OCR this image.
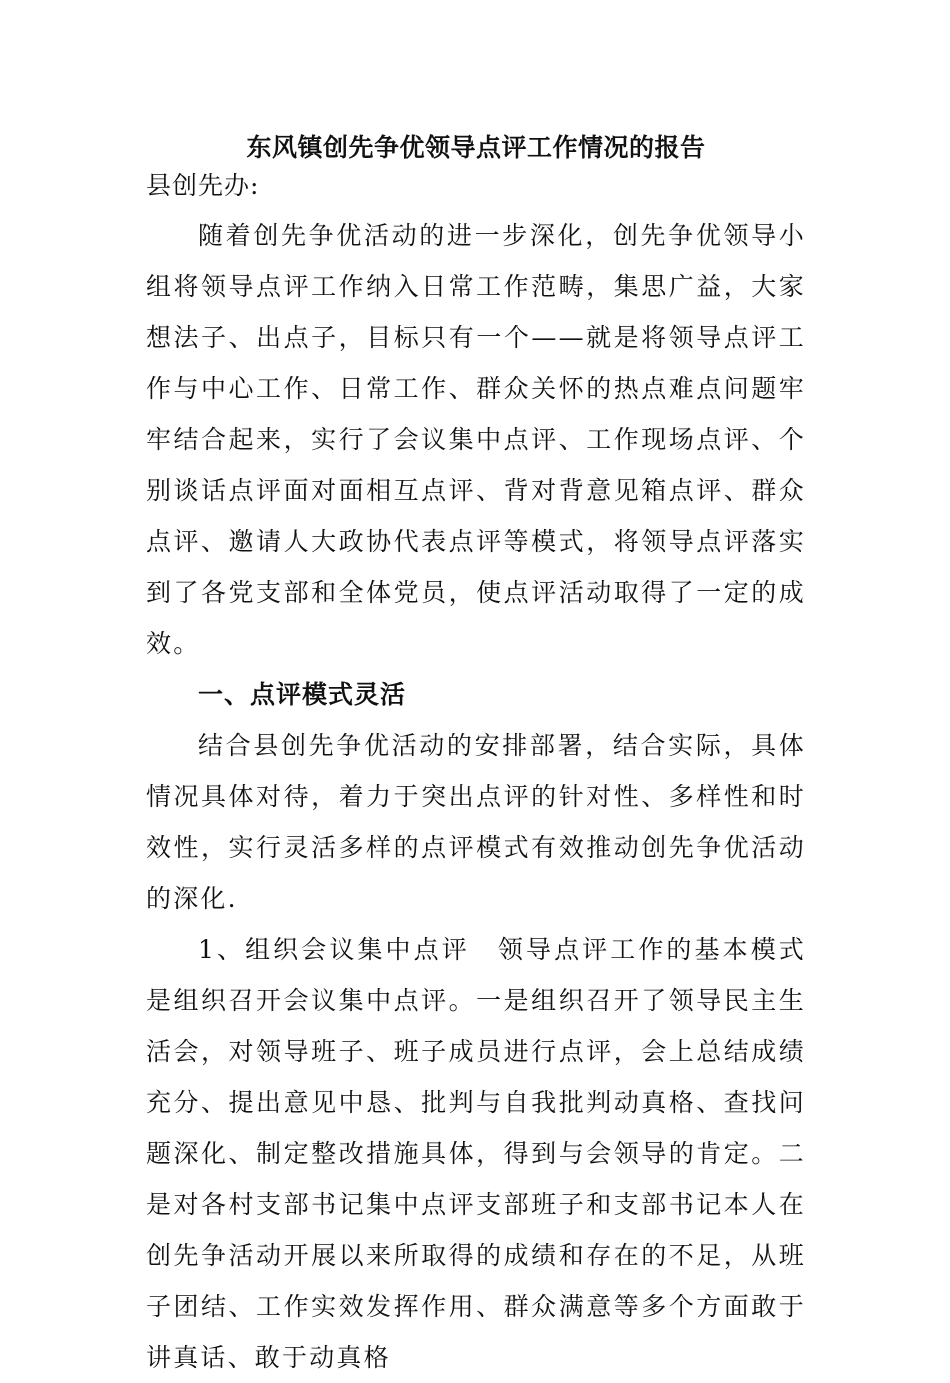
东风镇创先争优领导点评工作情况的报告

县创先办:

随着创先争优活动的进一步深化，创先争优领导小组将领导点评工作纳入日常工作范畴，集思广益，大家想法子、出点子，目标只有一个——就是将领导点评工作与中心工作、日常工作、群众关怀的热点难点问题牢牢结合起来，实行了会议集中点评、工作现场点评、个别谈话点评面对面相互点评、背对背意见箱点评、群众点评、邀请人大政协代表点评等模式，将领导点评落实到了各党支部和全体党员，使点评活动取得了一定的成效。

一、点评模式灵活

结合县创先争优活动的安排部署，结合实际，具体情况具体对待，着力于突出点评的针对性、多样性和时效性，实行灵活多样的点评模式有效推动创先争优活动的深化.

1、组织会议集中点评　领导点评工作的基本模式是组织召开会议集中点评。一是组织召开了领导民主生活会，对领导班子、班子成员进行点评，会上总结成绩充分、提出意见中恳、批判与自我批判动真格、查找问题深化、制定整改措施具体，得到与会领导的肯定。二是对各村支部书记集中点评支部班子和支部书记本人在创先争活动开展以来所取得的成绩和存在的不足，从班子团结、工作实效发挥作用、群众满意等多个方面敢于讲真话、敢于动真格
